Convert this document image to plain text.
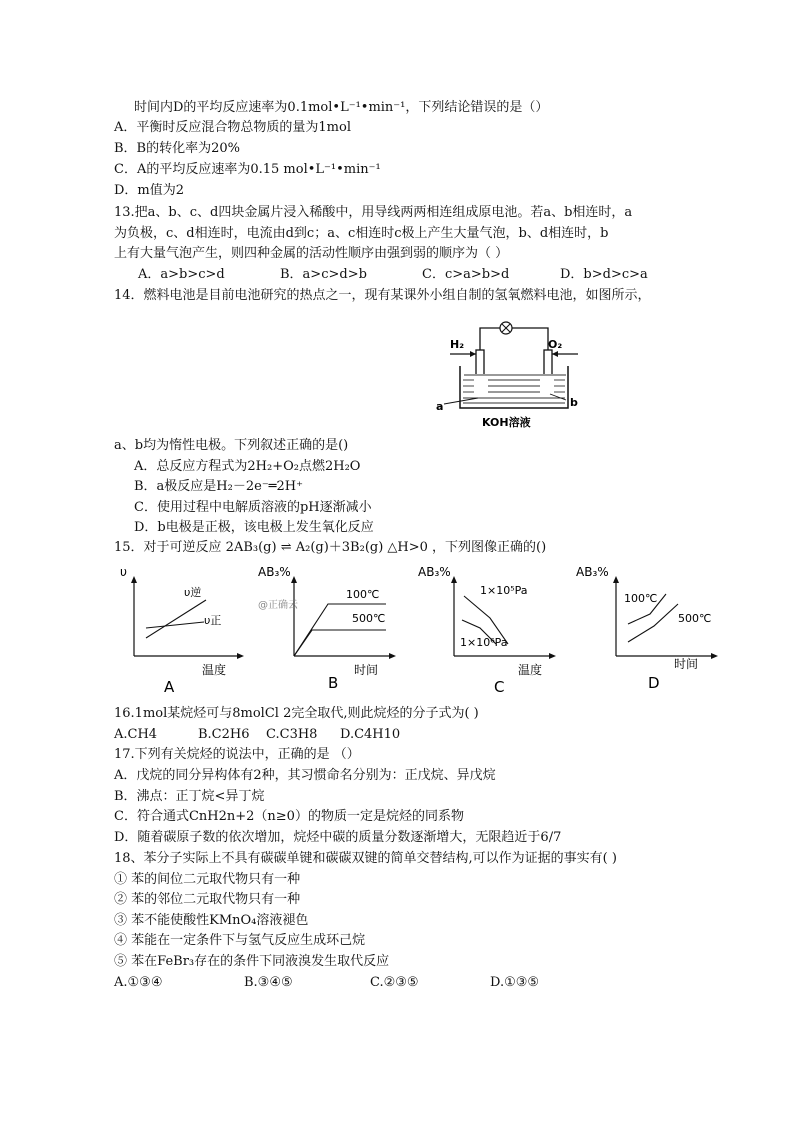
时间内D的平均反应速率为0.1mol•L⁻¹•min⁻¹，下列结论错误的是（）
A．平衡时反应混合物总物质的量为1mol
B．B的转化率为20%
C．A的平均反应速率为0.15 mol•L⁻¹•min⁻¹
D．m值为2
13.把a、b、c、d四块金属片浸入稀酸中，用导线两两相连组成原电池。若a、b相连时，a
为负极，c、d相连时，电流由d到c；a、c相连时c极上产生大量气泡，b、d相连时，b
上有大量气泡产生，则四种金属的活动性顺序由强到弱的顺序为（ ）
A．a>b>c>d	B．a>c>d>b	C．c>a>b>d	D．b>d>c>a
14．燃料电池是目前电池研究的热点之一，现有某课外小组自制的氢氧燃料电池，如图所示，
H₂	O₂
a	b
KOH溶液
a、b均为惰性电极。下列叙述正确的是()
A．总反应方程式为2H₂+O₂点燃2H₂O
B．a极反应是H₂－2e⁻═2H⁺
C．使用过程中电解质溶液的pH逐渐减小
D．b电极是正极，该电极上发生氧化反应
15．对于可逆反应 2AB₃(g) ⇌ A₂(g)＋3B₂(g) △H>0 ，下列图像正确的()
υ
温度
υ逆
υ正
A
AB₃%
时间
100℃
500℃
@正确云
B
AB₃%
温度
1×10⁵Pa
1×10⁶Pa
C
AB₃%
时间
100℃
500℃
D
16.1mol某烷烃可与8molCl 2完全取代,则此烷烃的分子式为( )
A.CH4	B.C2H6 C.C3H8 D.C4H10
17.下列有关烷烃的说法中，正确的是 （）
A．戊烷的同分异构体有2种，其习惯命名分别为：正戊烷、异戊烷
B．沸点：正丁烷<异丁烷
C．符合通式CnH2n+2（n≥0）的物质一定是烷烃的同系物
D．随着碳原子数的依次增加，烷烃中碳的质量分数逐渐增大，无限趋近于6/7
18、苯分子实际上不具有碳碳单键和碳碳双键的简单交替结构,可以作为证据的事实有( )
① 苯的间位二元取代物只有一种
② 苯的邻位二元取代物只有一种
③ 苯不能使酸性KMnO₄溶液褪色
④ 苯能在一定条件下与氢气反应生成环己烷
⑤ 苯在FeBr₃存在的条件下同液溴发生取代反应
A.①③④	B.③④⑤	C.②③⑤	D.①③⑤
